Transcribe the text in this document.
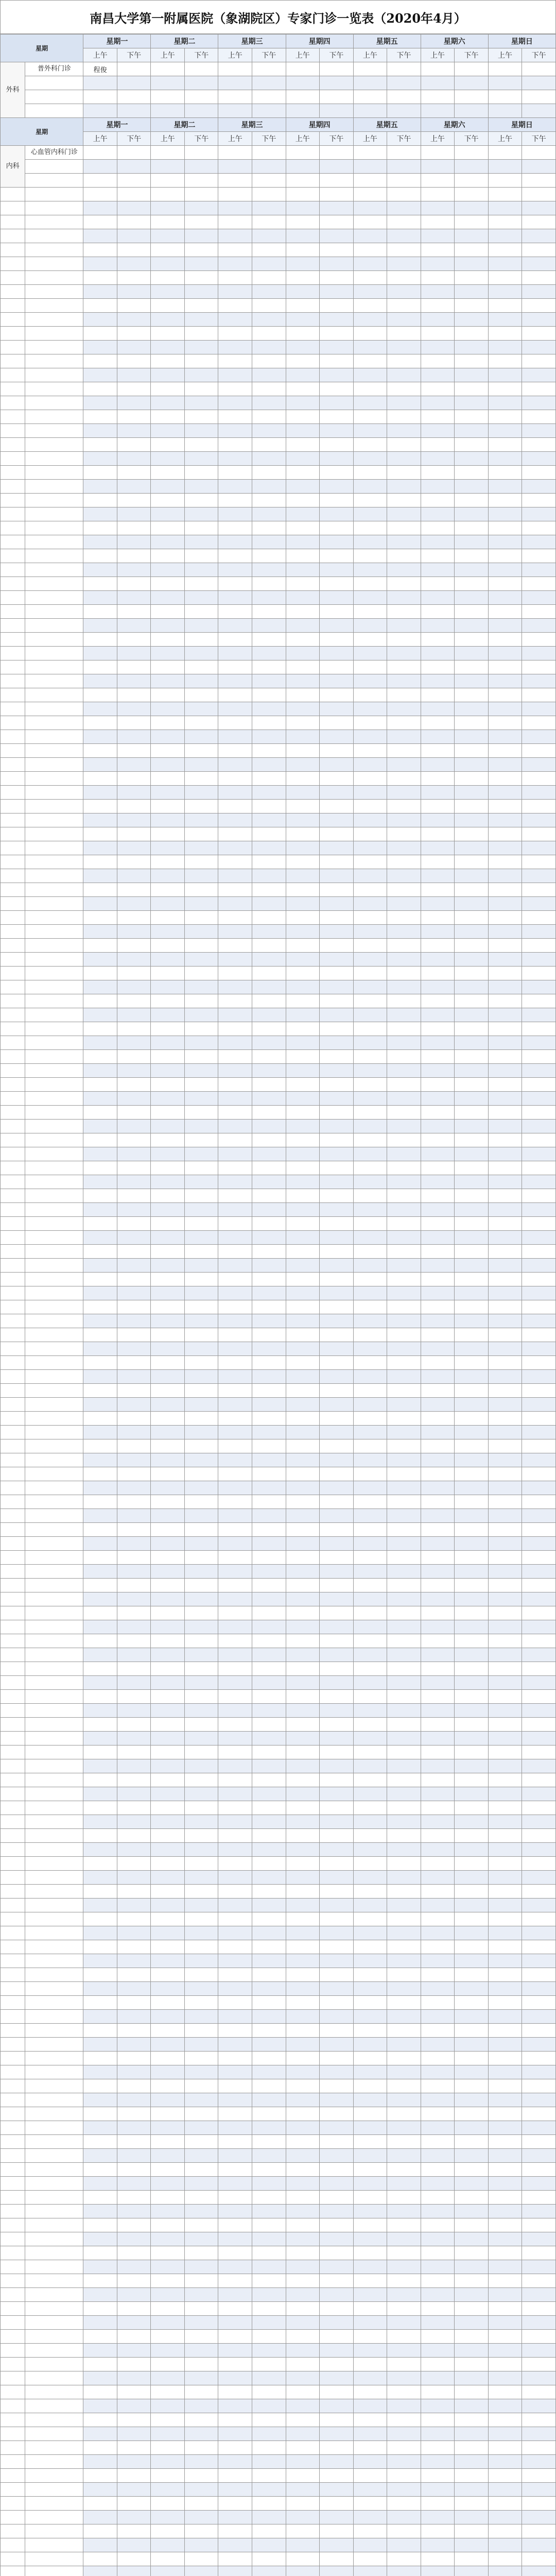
南昌大学第一附属医院（象湖院区）专家门诊一览表（2020年4月）
星期		星期一		星期二		星期三		星期四		星期五		星期六		星期日	
		上午	下午	上午	下午	上午	下午	上午	下午	上午	下午	上午	下午	上午	下午
外科	普外科门诊	程俊													

星期		星期一		星期二		星期三		星期四		星期五		星期六		星期日	
		上午	下午	上午	下午	上午	下午	上午	下午	上午	下午	上午	下午	上午	下午
内科	心血管内科门诊														
